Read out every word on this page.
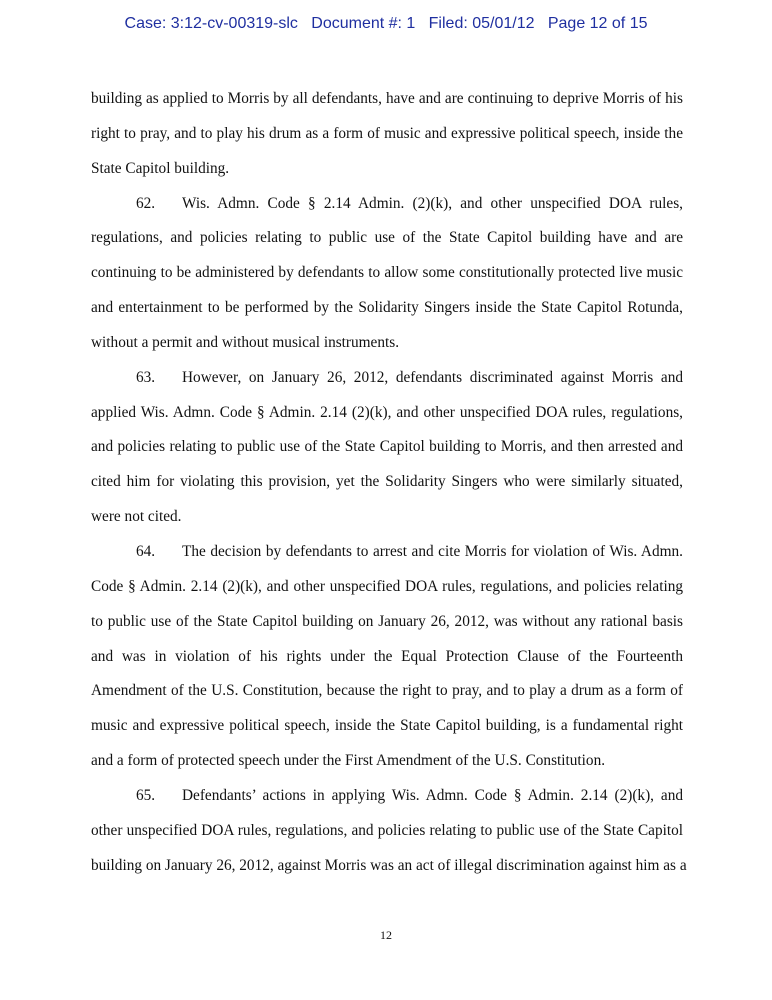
Case: 3:12-cv-00319-slc   Document #: 1   Filed: 05/01/12   Page 12 of 15
building as applied to Morris by all defendants, have and are continuing to deprive Morris of his
right to pray, and to play his drum as a form of music and expressive political speech, inside the
State Capitol building.
62. Wis. Admn. Code § 2.14 Admin. (2)(k), and other unspecified DOA rules,
regulations, and policies relating to public use of the State Capitol building have and are
continuing to be administered by defendants to allow some constitutionally protected live music
and entertainment to be performed by the Solidarity Singers inside the State Capitol Rotunda,
without a permit and without musical instruments.
63. However, on January 26, 2012, defendants discriminated against Morris and
applied Wis. Admn. Code § Admin. 2.14 (2)(k), and other unspecified DOA rules, regulations,
and policies relating to public use of the State Capitol building to Morris, and then arrested and
cited him for violating this provision, yet the Solidarity Singers who were similarly situated,
were not cited.
64. The decision by defendants to arrest and cite Morris for violation of Wis. Admn.
Code § Admin. 2.14 (2)(k), and other unspecified DOA rules, regulations, and policies relating
to public use of the State Capitol building on January 26, 2012, was without any rational basis
and was in violation of his rights under the Equal Protection Clause of the Fourteenth
Amendment of the U.S. Constitution, because the right to pray, and to play a drum as a form of
music and expressive political speech, inside the State Capitol building, is a fundamental right
and a form of protected speech under the First Amendment of the U.S. Constitution.
65. Defendants’ actions in applying Wis. Admn. Code § Admin. 2.14 (2)(k), and
other unspecified DOA rules, regulations, and policies relating to public use of the State Capitol
building on January 26, 2012, against Morris was an act of illegal discrimination against him as a
12
